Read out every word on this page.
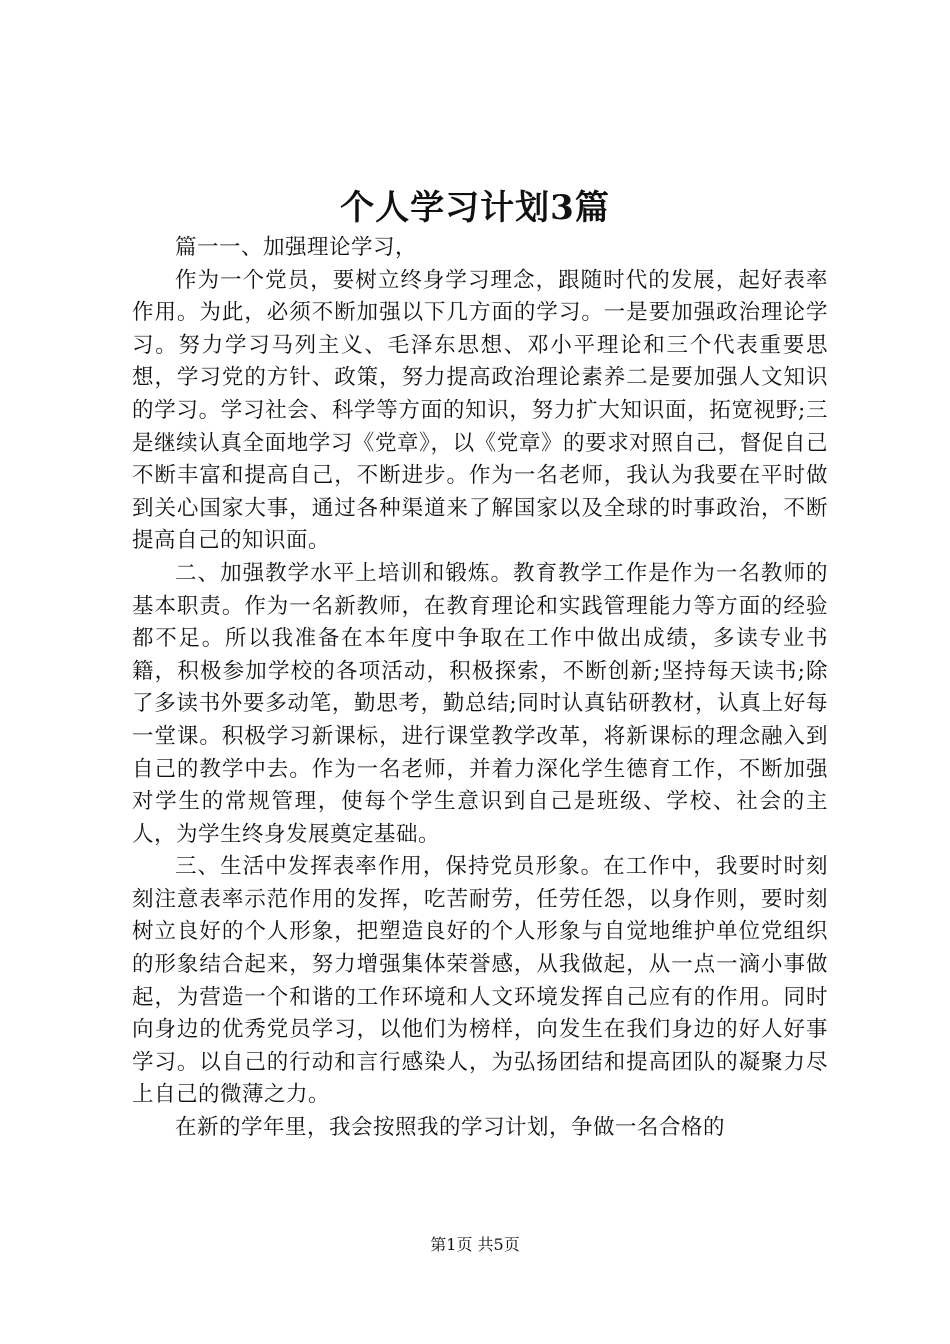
个人学习计划3篇

篇一一、加强理论学习，

作为一个党员，要树立终身学习理念，跟随时代的发展，起好表率作用。为此，必须不断加强以下几方面的学习。一是要加强政治理论学习。努力学习马列主义、毛泽东思想、邓小平理论和三个代表重要思想，学习党的方针、政策，努力提高政治理论素养二是要加强人文知识的学习。学习社会、科学等方面的知识，努力扩大知识面，拓宽视野;三是继续认真全面地学习《党章》，以《党章》的要求对照自己，督促自己不断丰富和提高自己，不断进步。作为一名老师，我认为我要在平时做到关心国家大事，通过各种渠道来了解国家以及全球的时事政治，不断提高自己的知识面。

二、加强教学水平上培训和锻炼。教育教学工作是作为一名教师的基本职责。作为一名新教师，在教育理论和实践管理能力等方面的经验都不足。所以我准备在本年度中争取在工作中做出成绩，多读专业书籍，积极参加学校的各项活动，积极探索，不断创新;坚持每天读书;除了多读书外要多动笔，勤思考，勤总结;同时认真钻研教材，认真上好每一堂课。积极学习新课标，进行课堂教学改革，将新课标的理念融入到自己的教学中去。作为一名老师，并着力深化学生德育工作，不断加强对学生的常规管理，使每个学生意识到自己是班级、学校、社会的主人，为学生终身发展奠定基础。

三、生活中发挥表率作用，保持党员形象。在工作中，我要时时刻刻注意表率示范作用的发挥，吃苦耐劳，任劳任怨，以身作则，要时刻树立良好的个人形象，把塑造良好的个人形象与自觉地维护单位党组织的形象结合起来，努力增强集体荣誉感，从我做起，从一点一滴小事做起，为营造一个和谐的工作环境和人文环境发挥自己应有的作用。同时向身边的优秀党员学习，以他们为榜样，向发生在我们身边的好人好事学习。以自己的行动和言行感染人，为弘扬团结和提高团队的凝聚力尽上自己的微薄之力。

在新的学年里，我会按照我的学习计划，争做一名合格的

第1页 共5页
